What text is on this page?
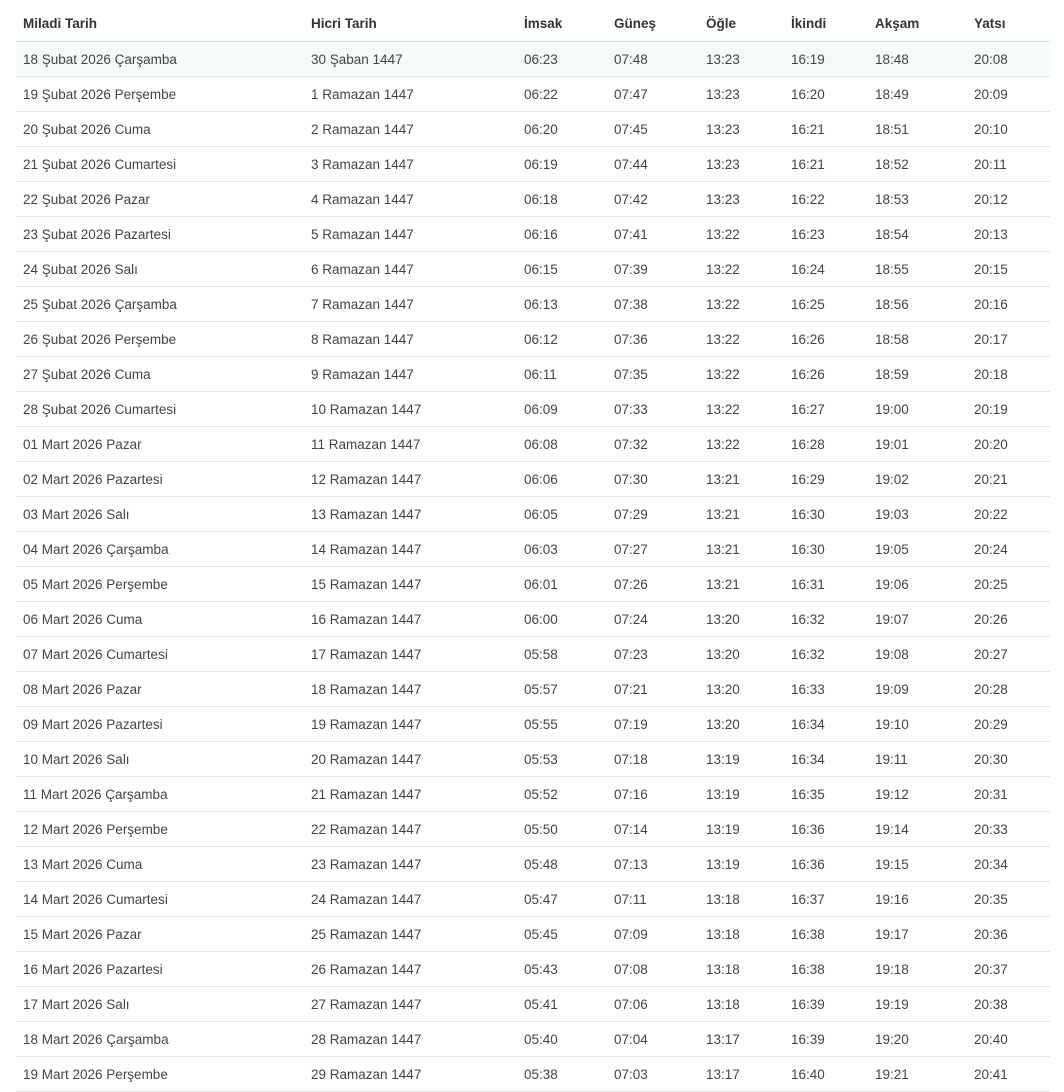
Miladi Tarih	Hicri Tarih	İmsak	Güneş	Öğle	İkindi	Akşam	Yatsı
18 Şubat 2026 Çarşamba	30 Şaban 1447	06:23	07:48	13:23	16:19	18:48	20:08
19 Şubat 2026 Perşembe	1 Ramazan 1447	06:22	07:47	13:23	16:20	18:49	20:09
20 Şubat 2026 Cuma	2 Ramazan 1447	06:20	07:45	13:23	16:21	18:51	20:10
21 Şubat 2026 Cumartesi	3 Ramazan 1447	06:19	07:44	13:23	16:21	18:52	20:11
22 Şubat 2026 Pazar	4 Ramazan 1447	06:18	07:42	13:23	16:22	18:53	20:12
23 Şubat 2026 Pazartesi	5 Ramazan 1447	06:16	07:41	13:22	16:23	18:54	20:13
24 Şubat 2026 Salı	6 Ramazan 1447	06:15	07:39	13:22	16:24	18:55	20:15
25 Şubat 2026 Çarşamba	7 Ramazan 1447	06:13	07:38	13:22	16:25	18:56	20:16
26 Şubat 2026 Perşembe	8 Ramazan 1447	06:12	07:36	13:22	16:26	18:58	20:17
27 Şubat 2026 Cuma	9 Ramazan 1447	06:11	07:35	13:22	16:26	18:59	20:18
28 Şubat 2026 Cumartesi	10 Ramazan 1447	06:09	07:33	13:22	16:27	19:00	20:19
01 Mart 2026 Pazar	11 Ramazan 1447	06:08	07:32	13:22	16:28	19:01	20:20
02 Mart 2026 Pazartesi	12 Ramazan 1447	06:06	07:30	13:21	16:29	19:02	20:21
03 Mart 2026 Salı	13 Ramazan 1447	06:05	07:29	13:21	16:30	19:03	20:22
04 Mart 2026 Çarşamba	14 Ramazan 1447	06:03	07:27	13:21	16:30	19:05	20:24
05 Mart 2026 Perşembe	15 Ramazan 1447	06:01	07:26	13:21	16:31	19:06	20:25
06 Mart 2026 Cuma	16 Ramazan 1447	06:00	07:24	13:20	16:32	19:07	20:26
07 Mart 2026 Cumartesi	17 Ramazan 1447	05:58	07:23	13:20	16:32	19:08	20:27
08 Mart 2026 Pazar	18 Ramazan 1447	05:57	07:21	13:20	16:33	19:09	20:28
09 Mart 2026 Pazartesi	19 Ramazan 1447	05:55	07:19	13:20	16:34	19:10	20:29
10 Mart 2026 Salı	20 Ramazan 1447	05:53	07:18	13:19	16:34	19:11	20:30
11 Mart 2026 Çarşamba	21 Ramazan 1447	05:52	07:16	13:19	16:35	19:12	20:31
12 Mart 2026 Perşembe	22 Ramazan 1447	05:50	07:14	13:19	16:36	19:14	20:33
13 Mart 2026 Cuma	23 Ramazan 1447	05:48	07:13	13:19	16:36	19:15	20:34
14 Mart 2026 Cumartesi	24 Ramazan 1447	05:47	07:11	13:18	16:37	19:16	20:35
15 Mart 2026 Pazar	25 Ramazan 1447	05:45	07:09	13:18	16:38	19:17	20:36
16 Mart 2026 Pazartesi	26 Ramazan 1447	05:43	07:08	13:18	16:38	19:18	20:37
17 Mart 2026 Salı	27 Ramazan 1447	05:41	07:06	13:18	16:39	19:19	20:38
18 Mart 2026 Çarşamba	28 Ramazan 1447	05:40	07:04	13:17	16:39	19:20	20:40
19 Mart 2026 Perşembe	29 Ramazan 1447	05:38	07:03	13:17	16:40	19:21	20:41
